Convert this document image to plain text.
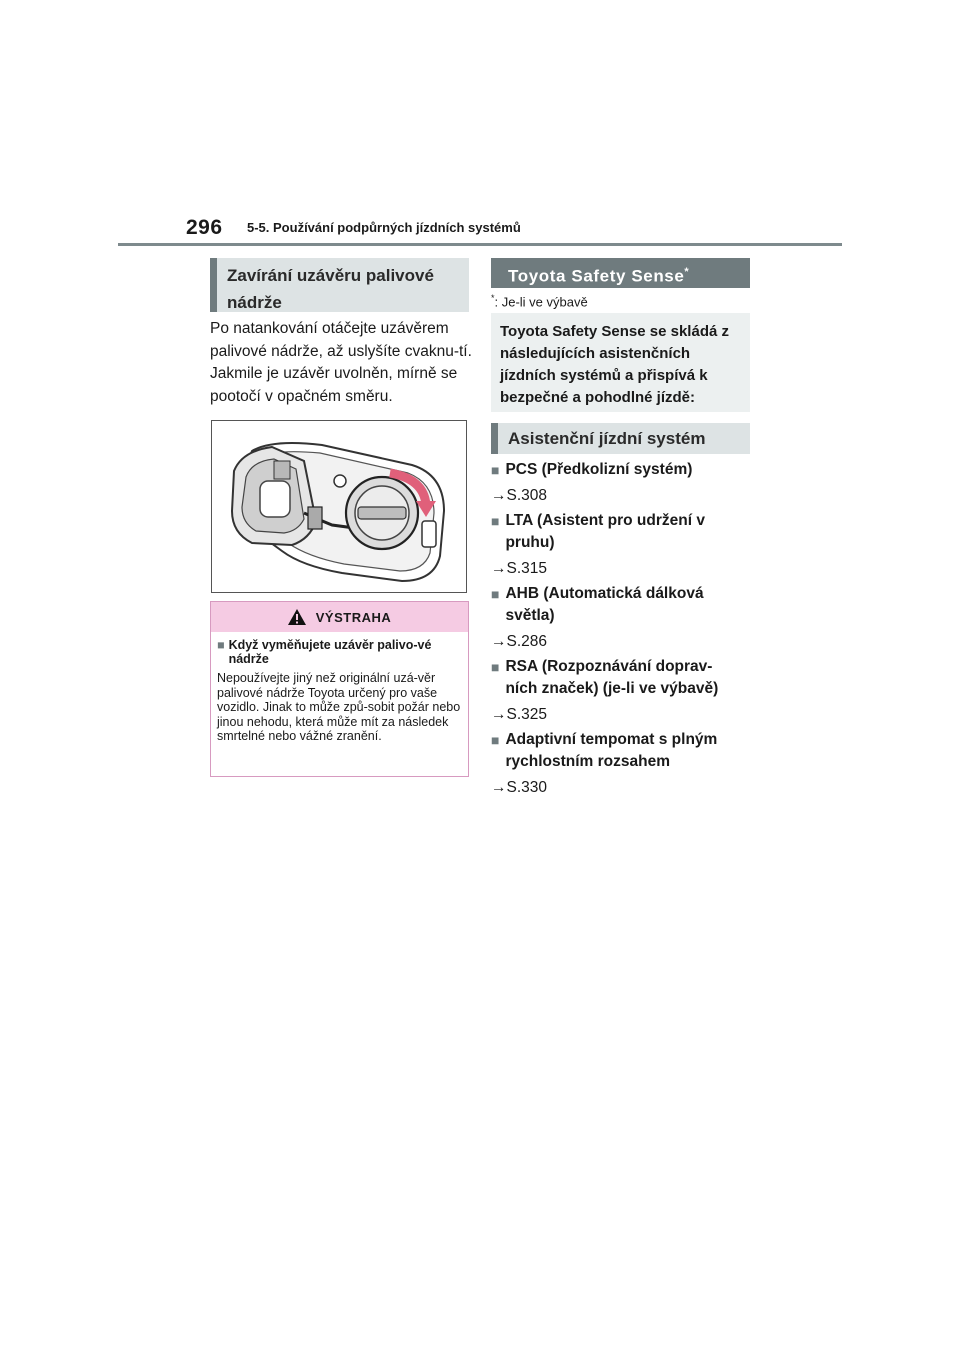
296 5-5. Používání podpůrných jízdních systémů
Zavírání uzávěru palivové nádrže
Po natankování otáčejte uzávěrem palivové nádrže, až uslyšíte cvaknu-tí. Jakmile je uzávěr uvolněn, mírně se pootočí v opačném směru.
VÝSTRAHA
■ Když vyměňujete uzávěr palivo-vé nádrže
Nepoužívejte jiný než originální uzá-věr palivové nádrže Toyota určený pro vaše vozidlo. Jinak to může způ-sobit požár nebo jinou nehodu, která může mít za následek smrtelné nebo vážné zranění.
Toyota Safety Sense*
*: Je-li ve výbavě
Toyota Safety Sense se skládá z následujících asistenčních jízdních systémů a přispívá k bezpečné a pohodlné jízdě:
Asistenční jízdní systém
■ PCS (Předkolizní systém)
→S.308
■ LTA (Asistent pro udržení v pruhu)
→S.315
■ AHB (Automatická dálková světla)
→S.286
■ RSA (Rozpoznávání doprav-ních značek) (je-li ve výbavě)
→S.325
■ Adaptivní tempomat s plným rychlostním rozsahem
→S.330
